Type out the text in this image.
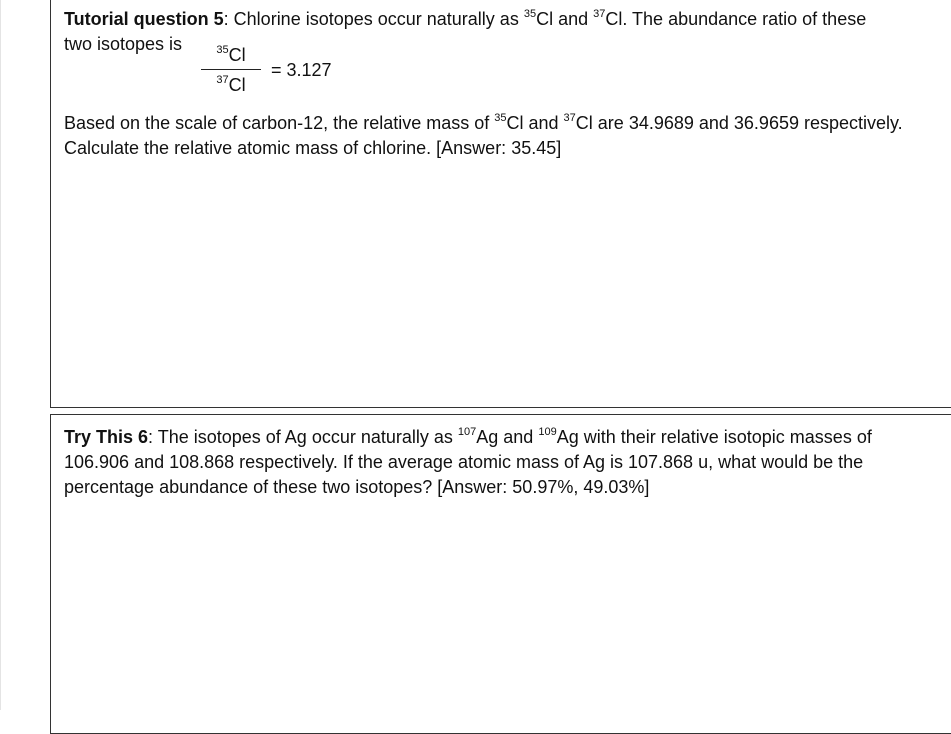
Tutorial question 5: Chlorine isotopes occur naturally as $^{35}$Cl and $^{37}$Cl. The abundance ratio of these
two isotopes is	$^{35}$Cl
$^{37}$Cl
= 3.127
Based on the scale of carbon-12, the relative mass of $^{35}$Cl and $^{37}$Cl are 34.9689 and 36.9659 respectively.
Calculate the relative atomic mass of chlorine. [Answer: 35.45]
Try This 6: The isotopes of Ag occur naturally as $^{107}$Ag and $^{109}$Ag with their relative isotopic masses of
106.906 and 108.868 respectively. If the average atomic mass of Ag is 107.868 u, what would be the
percentage abundance of these two isotopes? [Answer: 50.97%, 49.03%]
